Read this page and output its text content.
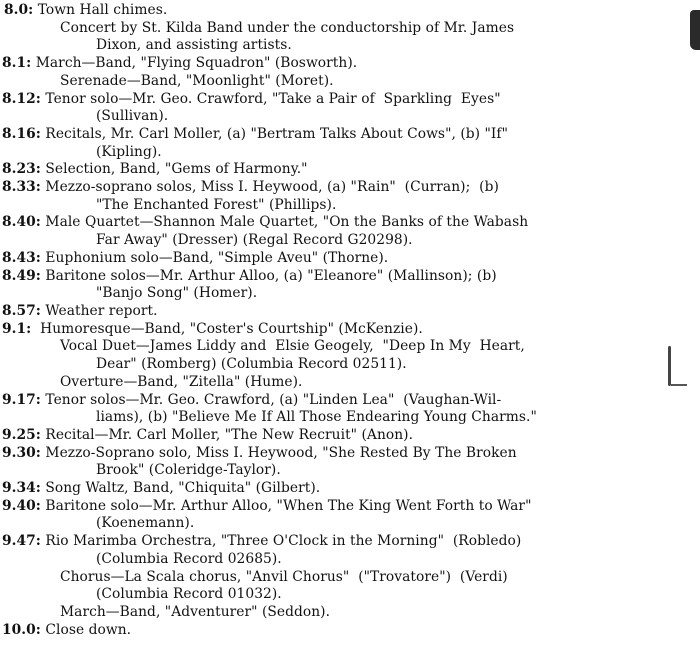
8.0: Town Hall chimes.
Concert by St. Kilda Band under the conductorship of Mr. James
Dixon, and assisting artists.
8.1: March—Band, "Flying Squadron" (Bosworth).
Serenade—Band, "Moonlight" (Moret).
8.12: Tenor solo—Mr. Geo. Crawford, "Take a Pair of  Sparkling  Eyes"
(Sullivan).
8.16: Recitals, Mr. Carl Moller, (a) "Bertram Talks About Cows", (b) "If"
(Kipling).
8.23: Selection, Band, "Gems of Harmony."
8.33: Mezzo-soprano solos, Miss I. Heywood, (a) "Rain"  (Curran);  (b)
"The Enchanted Forest" (Phillips).
8.40: Male Quartet—Shannon Male Quartet, "On the Banks of the Wabash
Far Away" (Dresser) (Regal Record G20298).
8.43: Euphonium solo—Band, "Simple Aveu" (Thorne).
8.49: Baritone solos—Mr. Arthur Alloo, (a) "Eleanore" (Mallinson); (b)
"Banjo Song" (Homer).
8.57: Weather report.
9.1:  Humoresque—Band, "Coster's Courtship" (McKenzie).
Vocal Duet—James Liddy and  Elsie Geogely,  "Deep In My  Heart,
Dear" (Romberg) (Columbia Record 02511).
Overture—Band, "Zitella" (Hume).
9.17: Tenor solos—Mr. Geo. Crawford, (a) "Linden Lea"  (Vaughan-Wil-
liams), (b) "Believe Me If All Those Endearing Young Charms."
9.25: Recital—Mr. Carl Moller, "The New Recruit" (Anon).
9.30: Mezzo-Soprano solo, Miss I. Heywood, "She Rested By The Broken
Brook" (Coleridge-Taylor).
9.34: Song Waltz, Band, "Chiquita" (Gilbert).
9.40: Baritone solo—Mr. Arthur Alloo, "When The King Went Forth to War"
(Koenemann).
9.47: Rio Marimba Orchestra, "Three O'Clock in the Morning"  (Robledo)
(Columbia Record 02685).
Chorus—La Scala chorus, "Anvil Chorus"  ("Trovatore")  (Verdi)
(Columbia Record 01032).
March—Band, "Adventurer" (Seddon).
10.0: Close down.
